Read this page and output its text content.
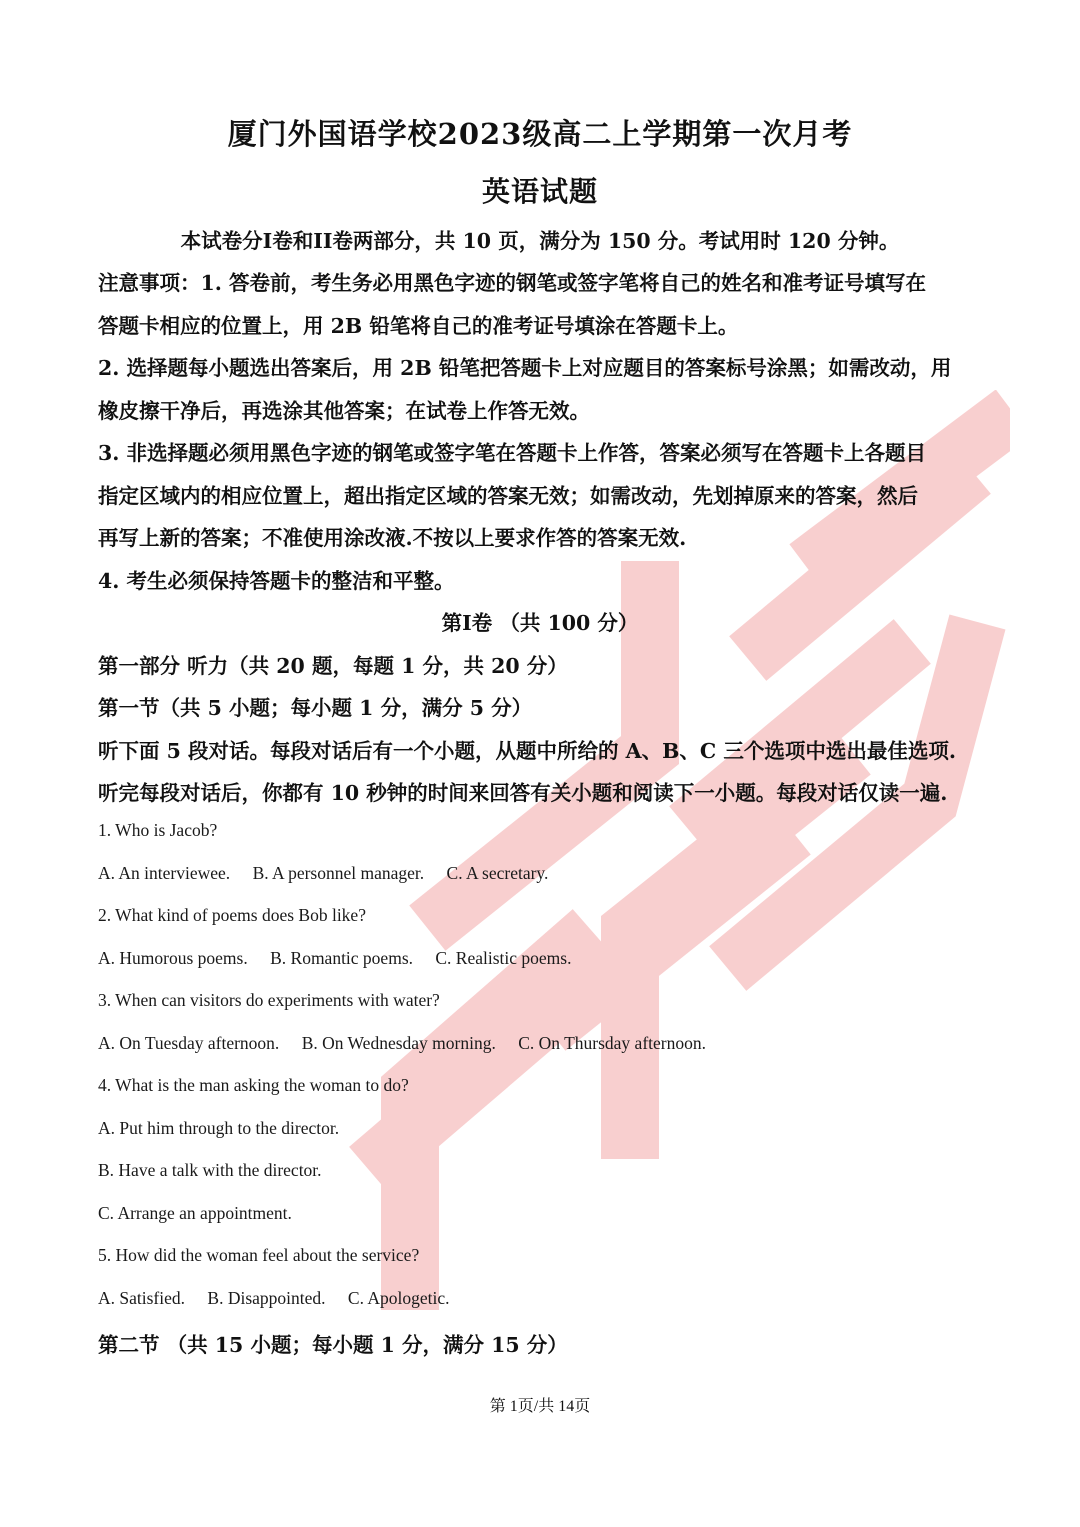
厦门外国语学校2023级高二上学期第一次月考
英语试题
本试卷分I卷和II卷两部分，共 10 页，满分为 150 分。考试用时 120 分钟。
注意事项：1. 答卷前，考生务必用黑色字迹的钢笔或签字笔将自己的姓名和准考证号填写在
答题卡相应的位置上，用 2B 铅笔将自己的准考证号填涂在答题卡上。
2. 选择题每小题选出答案后，用 2B 铅笔把答题卡上对应题目的答案标号涂黑；如需改动，用
橡皮擦干净后，再选涂其他答案；在试卷上作答无效。
3. 非选择题必须用黑色字迹的钢笔或签字笔在答题卡上作答，答案必须写在答题卡上各题目
指定区域内的相应位置上，超出指定区域的答案无效；如需改动，先划掉原来的答案，然后
再写上新的答案；不准使用涂改液.不按以上要求作答的答案无效.
4. 考生必须保持答题卡的整洁和平整。
第I卷 （共 100 分）
第一部分 听力（共 20 题，每题 1 分，共 20 分）
第一节（共 5 小题；每小题 1 分，满分 5 分）
听下面 5 段对话。每段对话后有一个小题，从题中所给的 A、B、C 三个选项中选出最佳选项.
听完每段对话后，你都有 10 秒钟的时间来回答有关小题和阅读下一小题。每段对话仅读一遍.
1. Who is Jacob?
A. An interviewee. B. A personnel manager. C. A secretary.
2. What kind of poems does Bob like?
A. Humorous poems. B. Romantic poems. C. Realistic poems.
3. When can visitors do experiments with water?
A. On Tuesday afternoon. B. On Wednesday morning. C. On Thursday afternoon.
4. What is the man asking the woman to do?
A. Put him through to the director.
B. Have a talk with the director.
C. Arrange an appointment.
5. How did the woman feel about the service?
A. Satisfied. B. Disappointed. C. Apologetic.
第二节 （共 15 小题；每小题 1 分，满分 15 分）
第 1页/共 14页
